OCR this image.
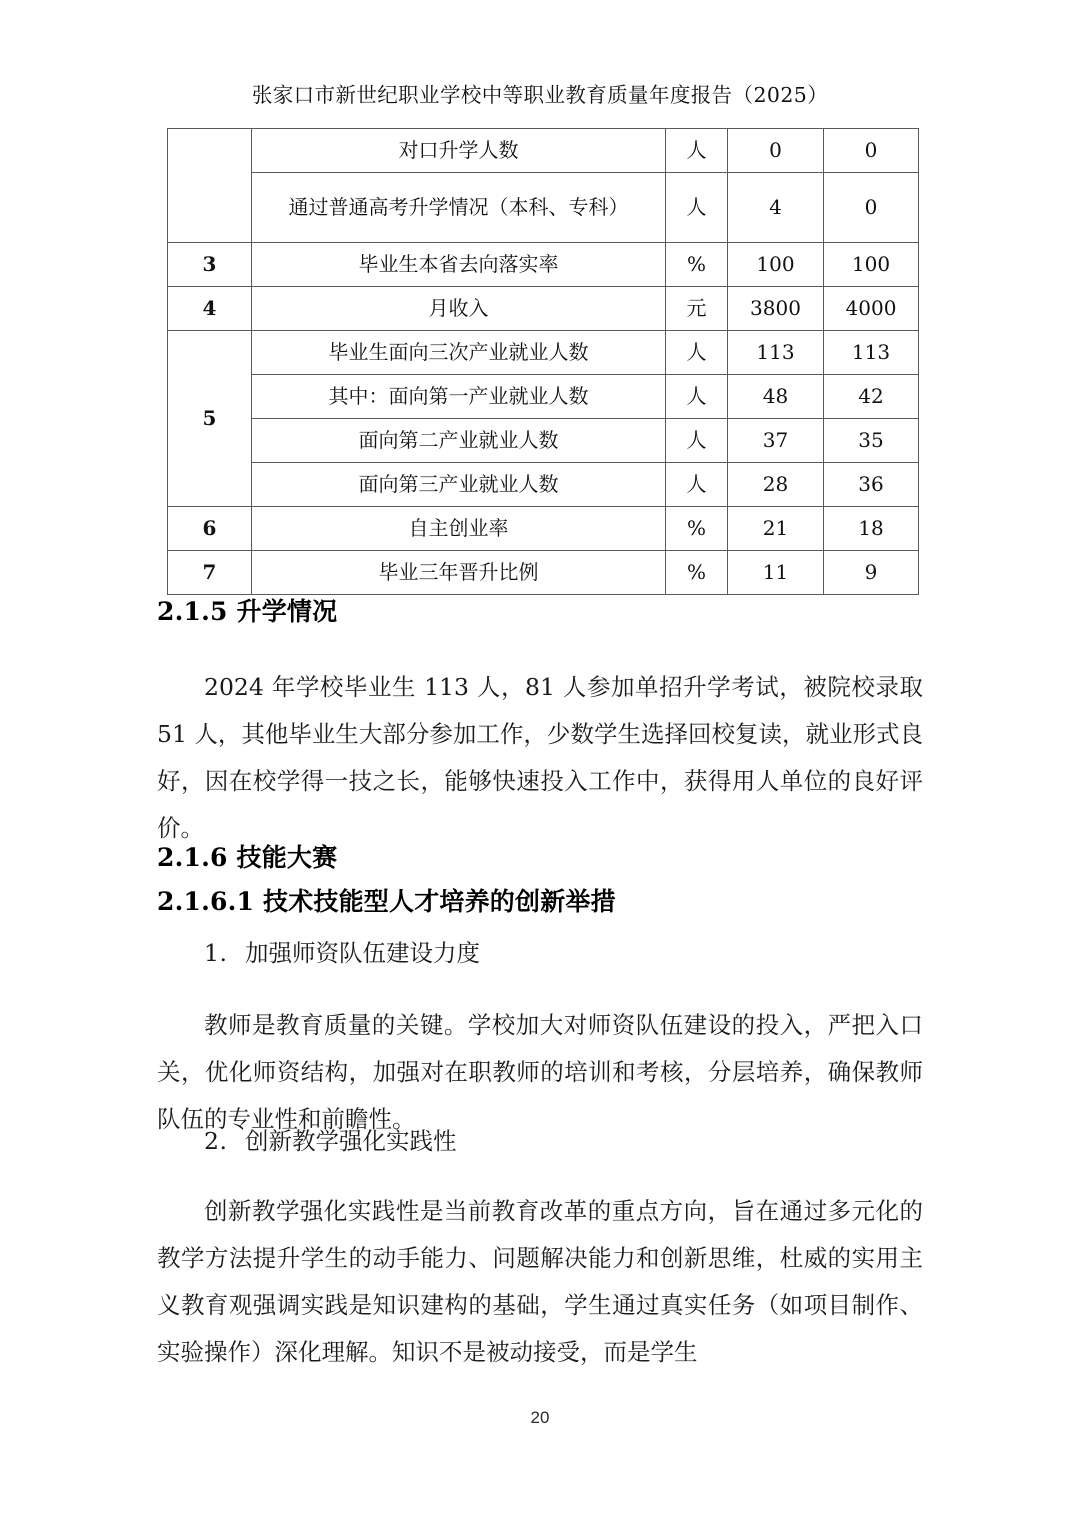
张家口市新世纪职业学校中等职业教育质量年度报告（2025）

	对口升学人数	人	0	0

	通过普通高考升学情况（本科、专科）	人	4	0
3	毕业生本省去向落实率	%	100	100
4	月收入	元	3800	4000
5	毕业生面向三次产业就业人数	人	113	113

	其中：面向第一产业就业人数	人	48	42

	面向第二产业就业人数	人	37	35

	面向第三产业就业人数	人	28	36
6	自主创业率	%	21	18
7	毕业三年晋升比例	%	11	9
2.1.5 升学情况

2024 年学校毕业生 113 人，81 人参加单招升学考试，被院校录取 51 人，其他毕业生大部分参加工作，少数学生选择回校复读，就业形式良好，因在校学得一技之长，能够快速投入工作中，获得用人单位的良好评价。

2.1.6 技能大赛
2.1.6.1 技术技能型人才培养的创新举措
1. 加强师资队伍建设力度

教师是教育质量的关键。学校加大对师资队伍建设的投入，严把入口关，优化师资结构，加强对在职教师的培训和考核，分层培养，确保教师队伍的专业性和前瞻性。

2. 创新教学强化实践性

创新教学强化实践性是当前教育改革的重点方向，旨在通过多元化的教学方法提升学生的动手能力、问题解决能力和创新思维，杜威的实用主义教育观强调实践是知识建构的基础，学生通过真实任务（如项目制作、实验操作）深化理解。知识不是被动接受，而是学生

20
